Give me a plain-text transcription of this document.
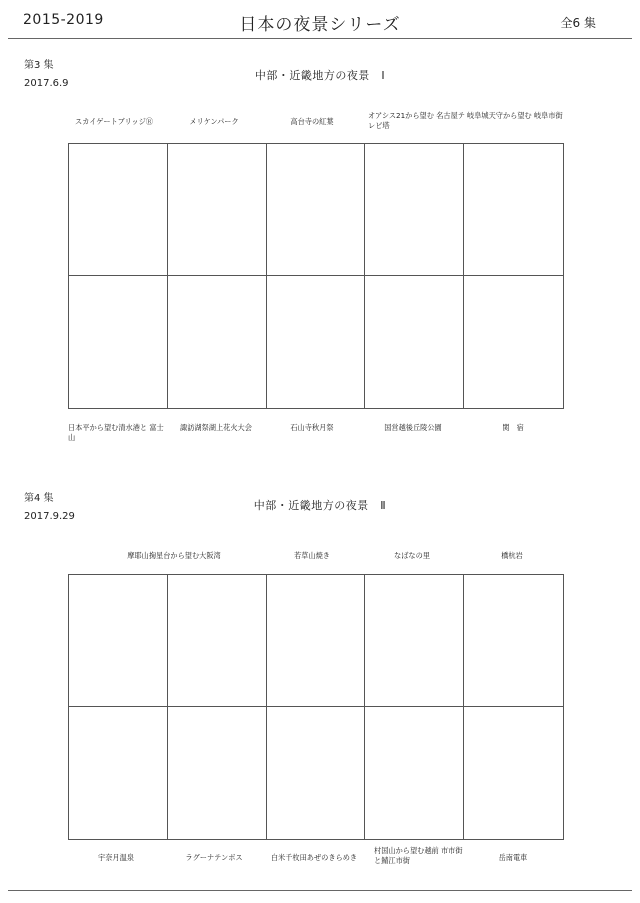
2015-2019	日本の夜景シリーズ	全6 集
第3 集
2017.6.9
中部・近畿地方の夜景　Ⅰ
スカイゲートブリッジⓇ	メリケンパーク	高台寺の紅葉
オアシス21から望む 名古屋テレビ塔
岐阜城天守から望む 岐阜市街
日本平から望む清水港と 富士山
諏訪湖祭湖上花火大会	石山寺秋月祭	国営越後丘陵公園	関　宿
第4 集
2017.9.29
中部・近畿地方の夜景　Ⅱ
摩耶山掬星台から望む大阪湾	若草山焼き	なばなの里	橋杭岩
宇奈月温泉	ラグーナテンボス	白米千枚田あぜのきらめき
村国山から望む越前 市市街と鯖江市街	岳南電車
